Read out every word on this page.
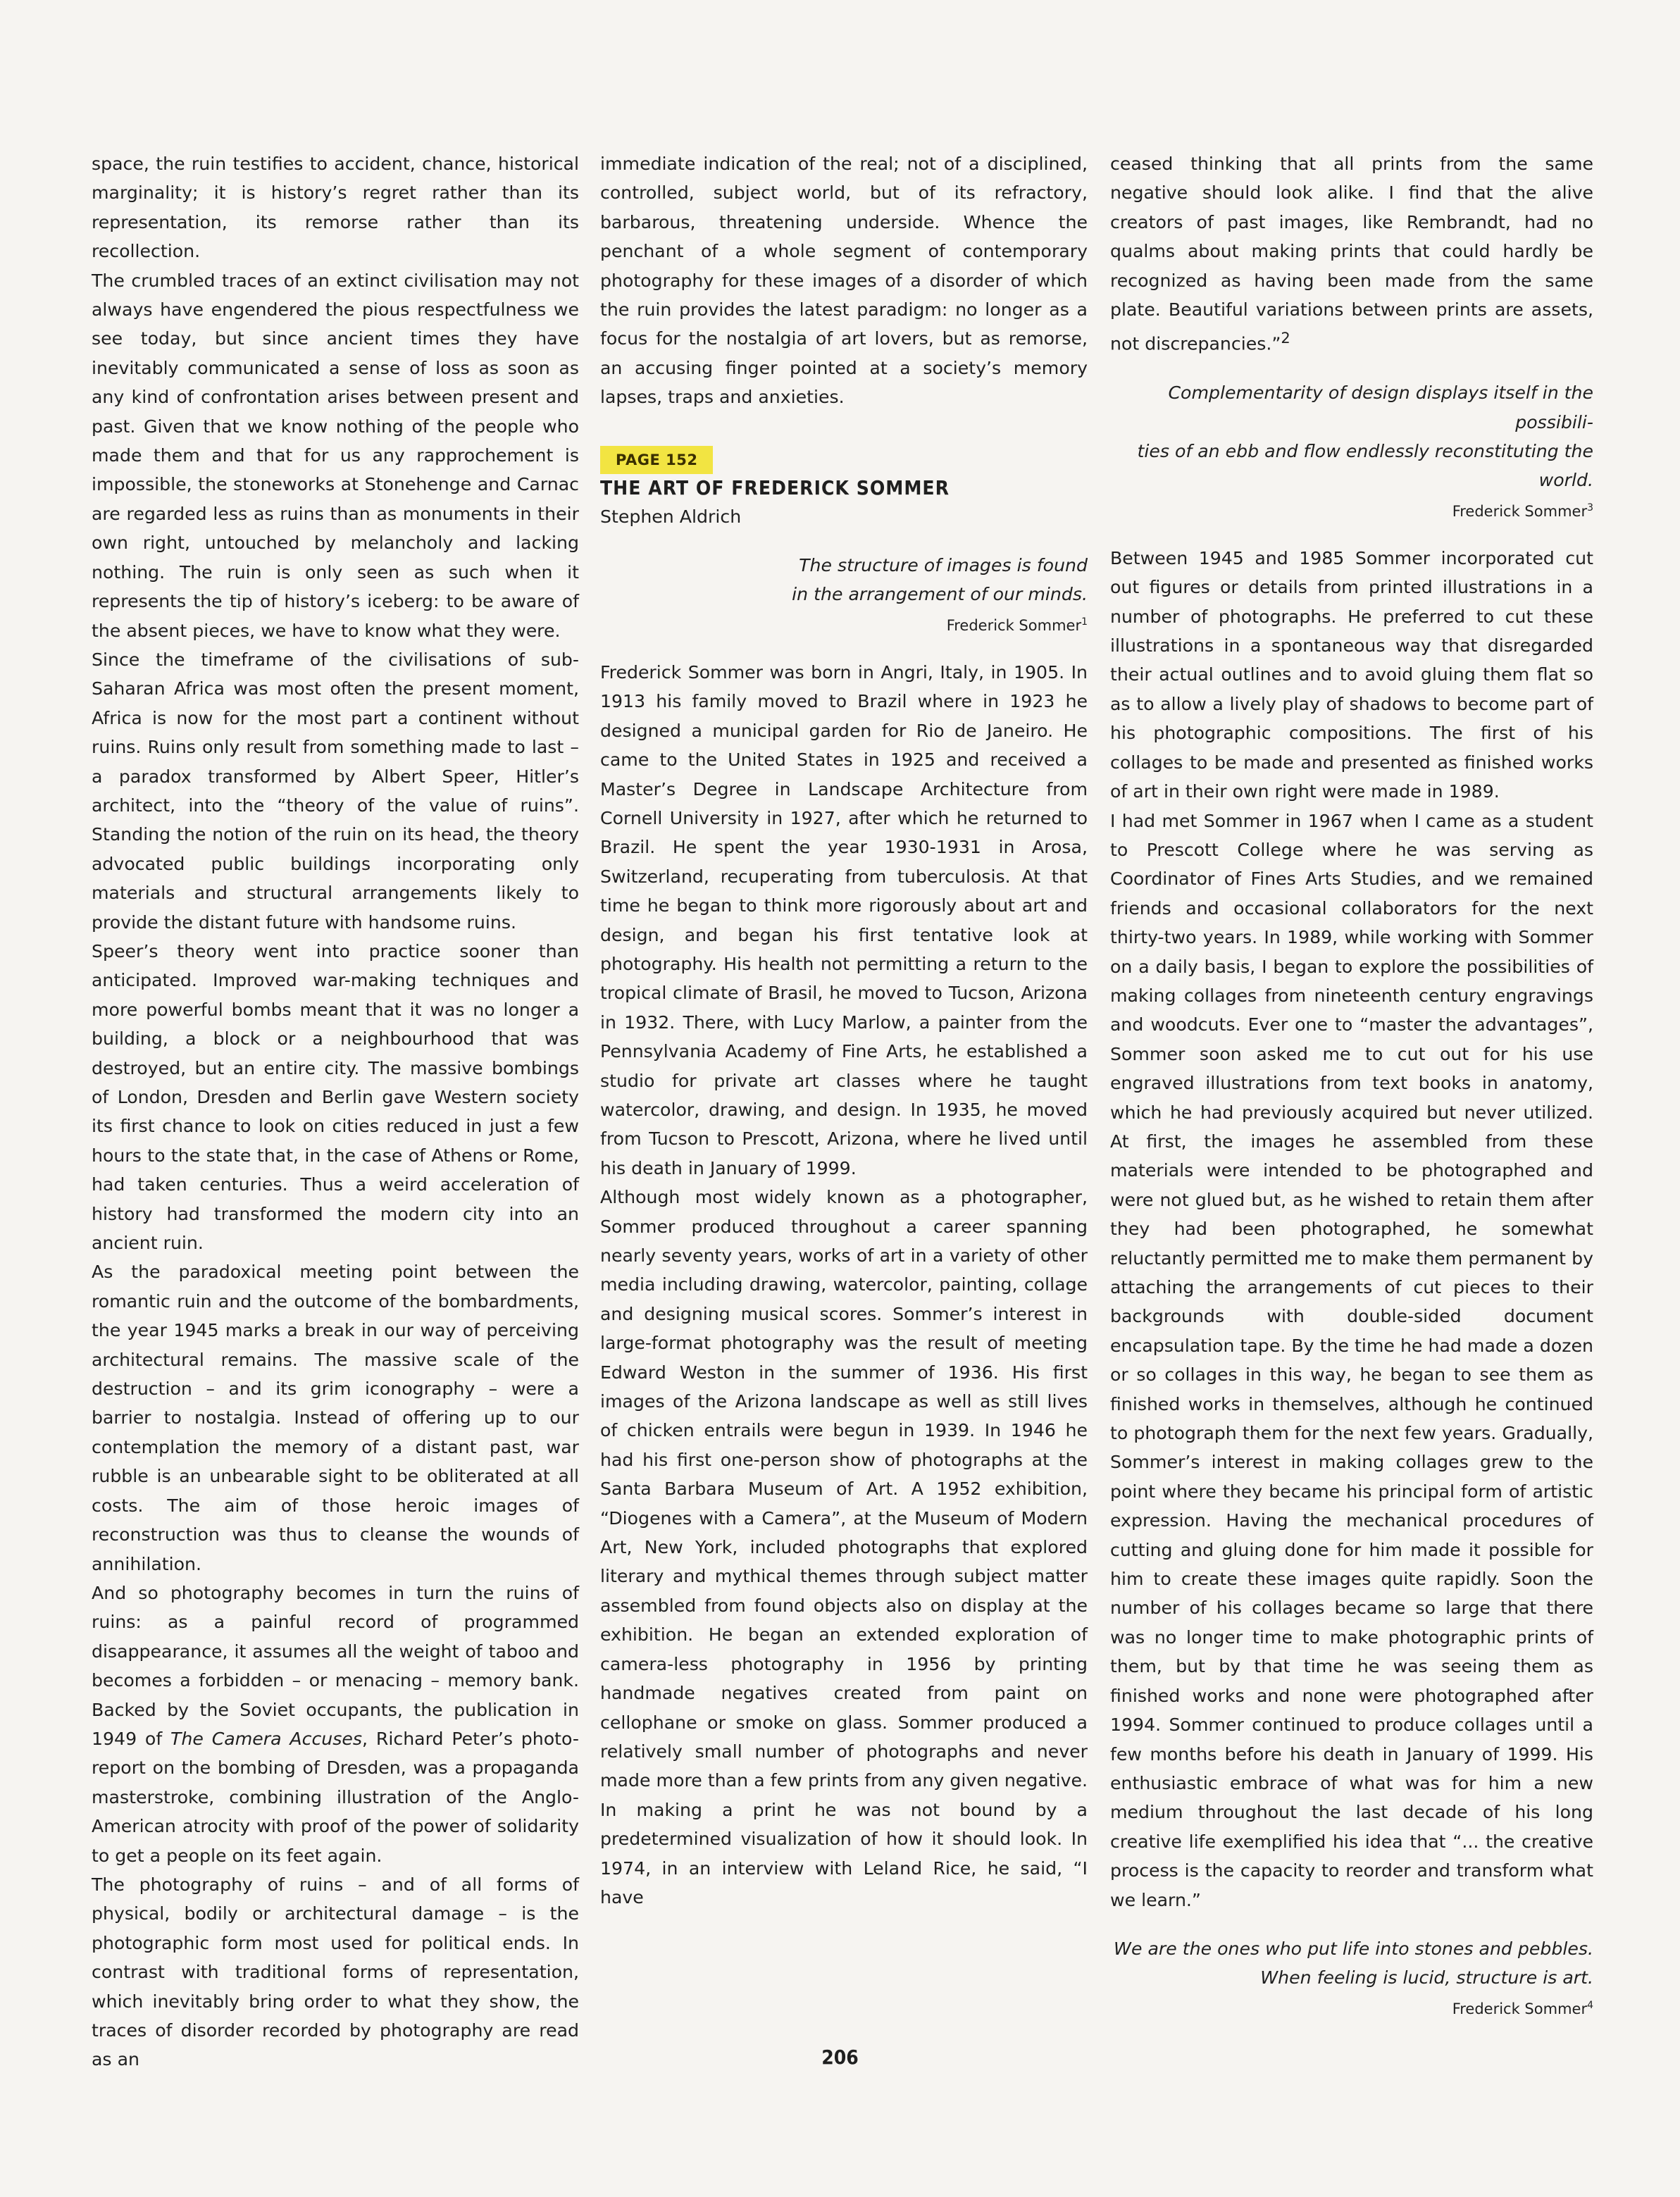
space, the ruin testifies to accident, chance, historical marginality; it is history’s regret rather than its representation, its remorse rather than its recollection.

The crumbled traces of an extinct civilisation may not always have engendered the pious respectfulness we see today, but since ancient times they have inevitably communicated a sense of loss as soon as any kind of confrontation arises between present and past. Given that we know nothing of the people who made them and that for us any rapprochement is impossible, the stoneworks at Stonehenge and Carnac are regarded less as ruins than as monuments in their own right, untouched by melancholy and lacking nothing. The ruin is only seen as such when it represents the tip of history’s iceberg: to be aware of the absent pieces, we have to know what they were.

Since the timeframe of the civilisations of sub-Saharan Africa was most often the present moment, Africa is now for the most part a continent without ruins. Ruins only result from something made to last – a paradox transformed by Albert Speer, Hitler’s architect, into the “theory of the value of ruins”. Standing the notion of the ruin on its head, the theory advocated public buildings incorporating only materials and structural arrangements likely to provide the distant future with handsome ruins.

Speer’s theory went into practice sooner than anticipated. Improved war-making techniques and more powerful bombs meant that it was no longer a building, a block or a neighbourhood that was destroyed, but an entire city. The massive bombings of London, Dresden and Berlin gave Western society its first chance to look on cities reduced in just a few hours to the state that, in the case of Athens or Rome, had taken centuries. Thus a weird acceleration of history had transformed the modern city into an ancient ruin.

As the paradoxical meeting point between the romantic ruin and the outcome of the bombardments, the year 1945 marks a break in our way of perceiving architectural remains. The massive scale of the destruction – and its grim iconography – were a barrier to nostalgia. Instead of offering up to our contemplation the memory of a distant past, war rubble is an unbearable sight to be obliterated at all costs. The aim of those heroic images of reconstruction was thus to cleanse the wounds of annihilation.

And so photography becomes in turn the ruins of ruins: as a painful record of programmed disappearance, it assumes all the weight of taboo and becomes a forbidden – or menacing – memory bank. Backed by the Soviet occupants, the publication in 1949 of The Camera Accuses, Richard Peter’s photo-report on the bombing of Dresden, was a propaganda masterstroke, combining illustration of the Anglo-American atrocity with proof of the power of solidarity to get a people on its feet again.

The photography of ruins – and of all forms of physical, bodily or architectural damage – is the photographic form most used for political ends. In contrast with traditional forms of representation, which inevitably bring order to what they show, the traces of disorder recorded by photography are read as an

immediate indication of the real; not of a disciplined, controlled, subject world, but of its refractory, barbarous, threatening underside. Whence the penchant of a whole segment of contemporary photography for these images of a disorder of which the ruin provides the latest paradigm: no longer as a focus for the nostalgia of art lovers, but as remorse, an accusing finger pointed at a society’s memory lapses, traps and anxieties.

PAGE 152

THE ART OF FREDERICK SOMMER

Stephen Aldrich

The structure of images is found

in the arrangement of our minds.

Frederick Sommer$^1$

Frederick Sommer was born in Angri, Italy, in 1905. In 1913 his family moved to Brazil where in 1923 he designed a municipal garden for Rio de Janeiro. He came to the United States in 1925 and received a Master’s Degree in Landscape Architecture from Cornell University in 1927, after which he returned to Brazil. He spent the year 1930-1931 in Arosa, Switzerland, recuperating from tuberculosis. At that time he began to think more rigorously about art and design, and began his first tentative look at photography. His health not permitting a return to the tropical climate of Brasil, he moved to Tucson, Arizona in 1932. There, with Lucy Marlow, a painter from the Pennsylvania Academy of Fine Arts, he established a studio for private art classes where he taught watercolor, drawing, and design. In 1935, he moved from Tucson to Prescott, Arizona, where he lived until his death in January of 1999.

Although most widely known as a photographer, Sommer produced throughout a career spanning nearly seventy years, works of art in a variety of other media including drawing, watercolor, painting, collage and designing musical scores. Sommer’s interest in large-format photography was the result of meeting Edward Weston in the summer of 1936. His first images of the Arizona landscape as well as still lives of chicken entrails were begun in 1939. In 1946 he had his first one-person show of photographs at the Santa Barbara Museum of Art. A 1952 exhibition, “Diogenes with a Camera”, at the Museum of Modern Art, New York, included photographs that explored literary and mythical themes through subject matter assembled from found objects also on display at the exhibition. He began an extended exploration of camera-less photography in 1956 by printing handmade negatives created from paint on cellophane or smoke on glass. Sommer produced a relatively small number of photographs and never made more than a few prints from any given negative. In making a print he was not bound by a predetermined visualization of how it should look. In 1974, in an interview with Leland Rice, he said, “I have

ceased thinking that all prints from the same negative should look alike. I find that the alive creators of past images, like Rembrandt, had no qualms about making prints that could hardly be recognized as having been made from the same plate. Beautiful variations between prints are assets, not discrepancies.”$^2$

Complementarity of design displays itself in the possibili-

ties of an ebb and flow endlessly reconstituting the world.

Frederick Sommer$^3$

Between 1945 and 1985 Sommer incorporated cut out figures or details from printed illustrations in a number of photographs. He preferred to cut these illustrations in a spontaneous way that disregarded their actual outlines and to avoid gluing them flat so as to allow a lively play of shadows to become part of his photographic compositions. The first of his collages to be made and presented as finished works of art in their own right were made in 1989.

I had met Sommer in 1967 when I came as a student to Prescott College where he was serving as Coordinator of Fines Arts Studies, and we remained friends and occasional collaborators for the next thirty-two years. In 1989, while working with Sommer on a daily basis, I began to explore the possibilities of making collages from nineteenth century engravings and woodcuts. Ever one to “master the advantages”, Sommer soon asked me to cut out for his use engraved illustrations from text books in anatomy, which he had previously acquired but never utilized. At first, the images he assembled from these materials were intended to be photographed and were not glued but, as he wished to retain them after they had been photographed, he somewhat reluctantly permitted me to make them permanent by attaching the arrangements of cut pieces to their backgrounds with double-sided document encapsulation tape. By the time he had made a dozen or so collages in this way, he began to see them as finished works in themselves, although he continued to photograph them for the next few years. Gradually, Sommer’s interest in making collages grew to the point where they became his principal form of artistic expression. Having the mechanical procedures of cutting and gluing done for him made it possible for him to create these images quite rapidly. Soon the number of his collages became so large that there was no longer time to make photographic prints of them, but by that time he was seeing them as finished works and none were photographed after 1994. Sommer continued to produce collages until a few months before his death in January of 1999. His enthusiastic embrace of what was for him a new medium throughout the last decade of his long creative life exemplified his idea that “... the creative process is the capacity to reorder and transform what we learn.”

We are the ones who put life into stones and pebbles.

When feeling is lucid, structure is art.

Frederick Sommer$^4$

206
